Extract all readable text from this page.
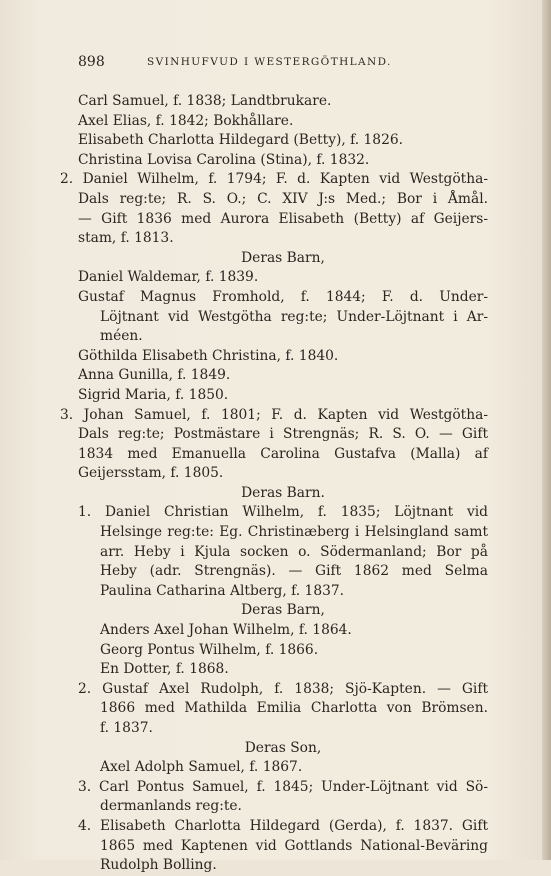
898	SVINHUFVUD I WESTERGÖTHLAND.
Carl Samuel, f. 1838; Landtbrukare.
Axel Elias, f. 1842; Bokhållare.
Elisabeth Charlotta Hildegard (Betty), f. 1826.
Christina Lovisa Carolina (Stina), f. 1832.
2. Daniel Wilhelm, f. 1794; F. d. Kapten vid Westgötha-
Dals reg:te; R. S. O.; C. XIV J:s Med.; Bor i Åmål.
— Gift 1836 med Aurora Elisabeth (Betty) af Geijers-
stam, f. 1813.
Deras Barn,
Daniel Waldemar, f. 1839.
Gustaf Magnus Fromhold, f. 1844; F. d. Under-
Löjtnant vid Westgötha reg:te; Under-Löjtnant i Ar-
méen.
Göthilda Elisabeth Christina, f. 1840.
Anna Gunilla, f. 1849.
Sigrid Maria, f. 1850.
3. Johan Samuel, f. 1801; F. d. Kapten vid Westgötha-
Dals reg:te; Postmästare i Strengnäs; R. S. O. — Gift
1834 med Emanuella Carolina Gustafva (Malla) af
Geijersstam, f. 1805.
Deras Barn.
1. Daniel Christian Wilhelm, f. 1835; Löjtnant vid
Helsinge reg:te: Eg. Christinæberg i Helsingland samt
arr. Heby i Kjula socken o. Södermanland; Bor på
Heby (adr. Strengnäs). — Gift 1862 med Selma
Paulina Catharina Altberg, f. 1837.
Deras Barn,
Anders Axel Johan Wilhelm, f. 1864.
Georg Pontus Wilhelm, f. 1866.
En Dotter, f. 1868.
2. Gustaf Axel Rudolph, f. 1838; Sjö-Kapten. — Gift
1866 med Mathilda Emilia Charlotta von Brömsen.
f. 1837.
Deras Son,
Axel Adolph Samuel, f. 1867.
3. Carl Pontus Samuel, f. 1845; Under-Löjtnant vid Sö-
dermanlands reg:te.
4. Elisabeth Charlotta Hildegard (Gerda), f. 1837. Gift
1865 med Kaptenen vid Gottlands National-Beväring
Rudolph Bolling.
